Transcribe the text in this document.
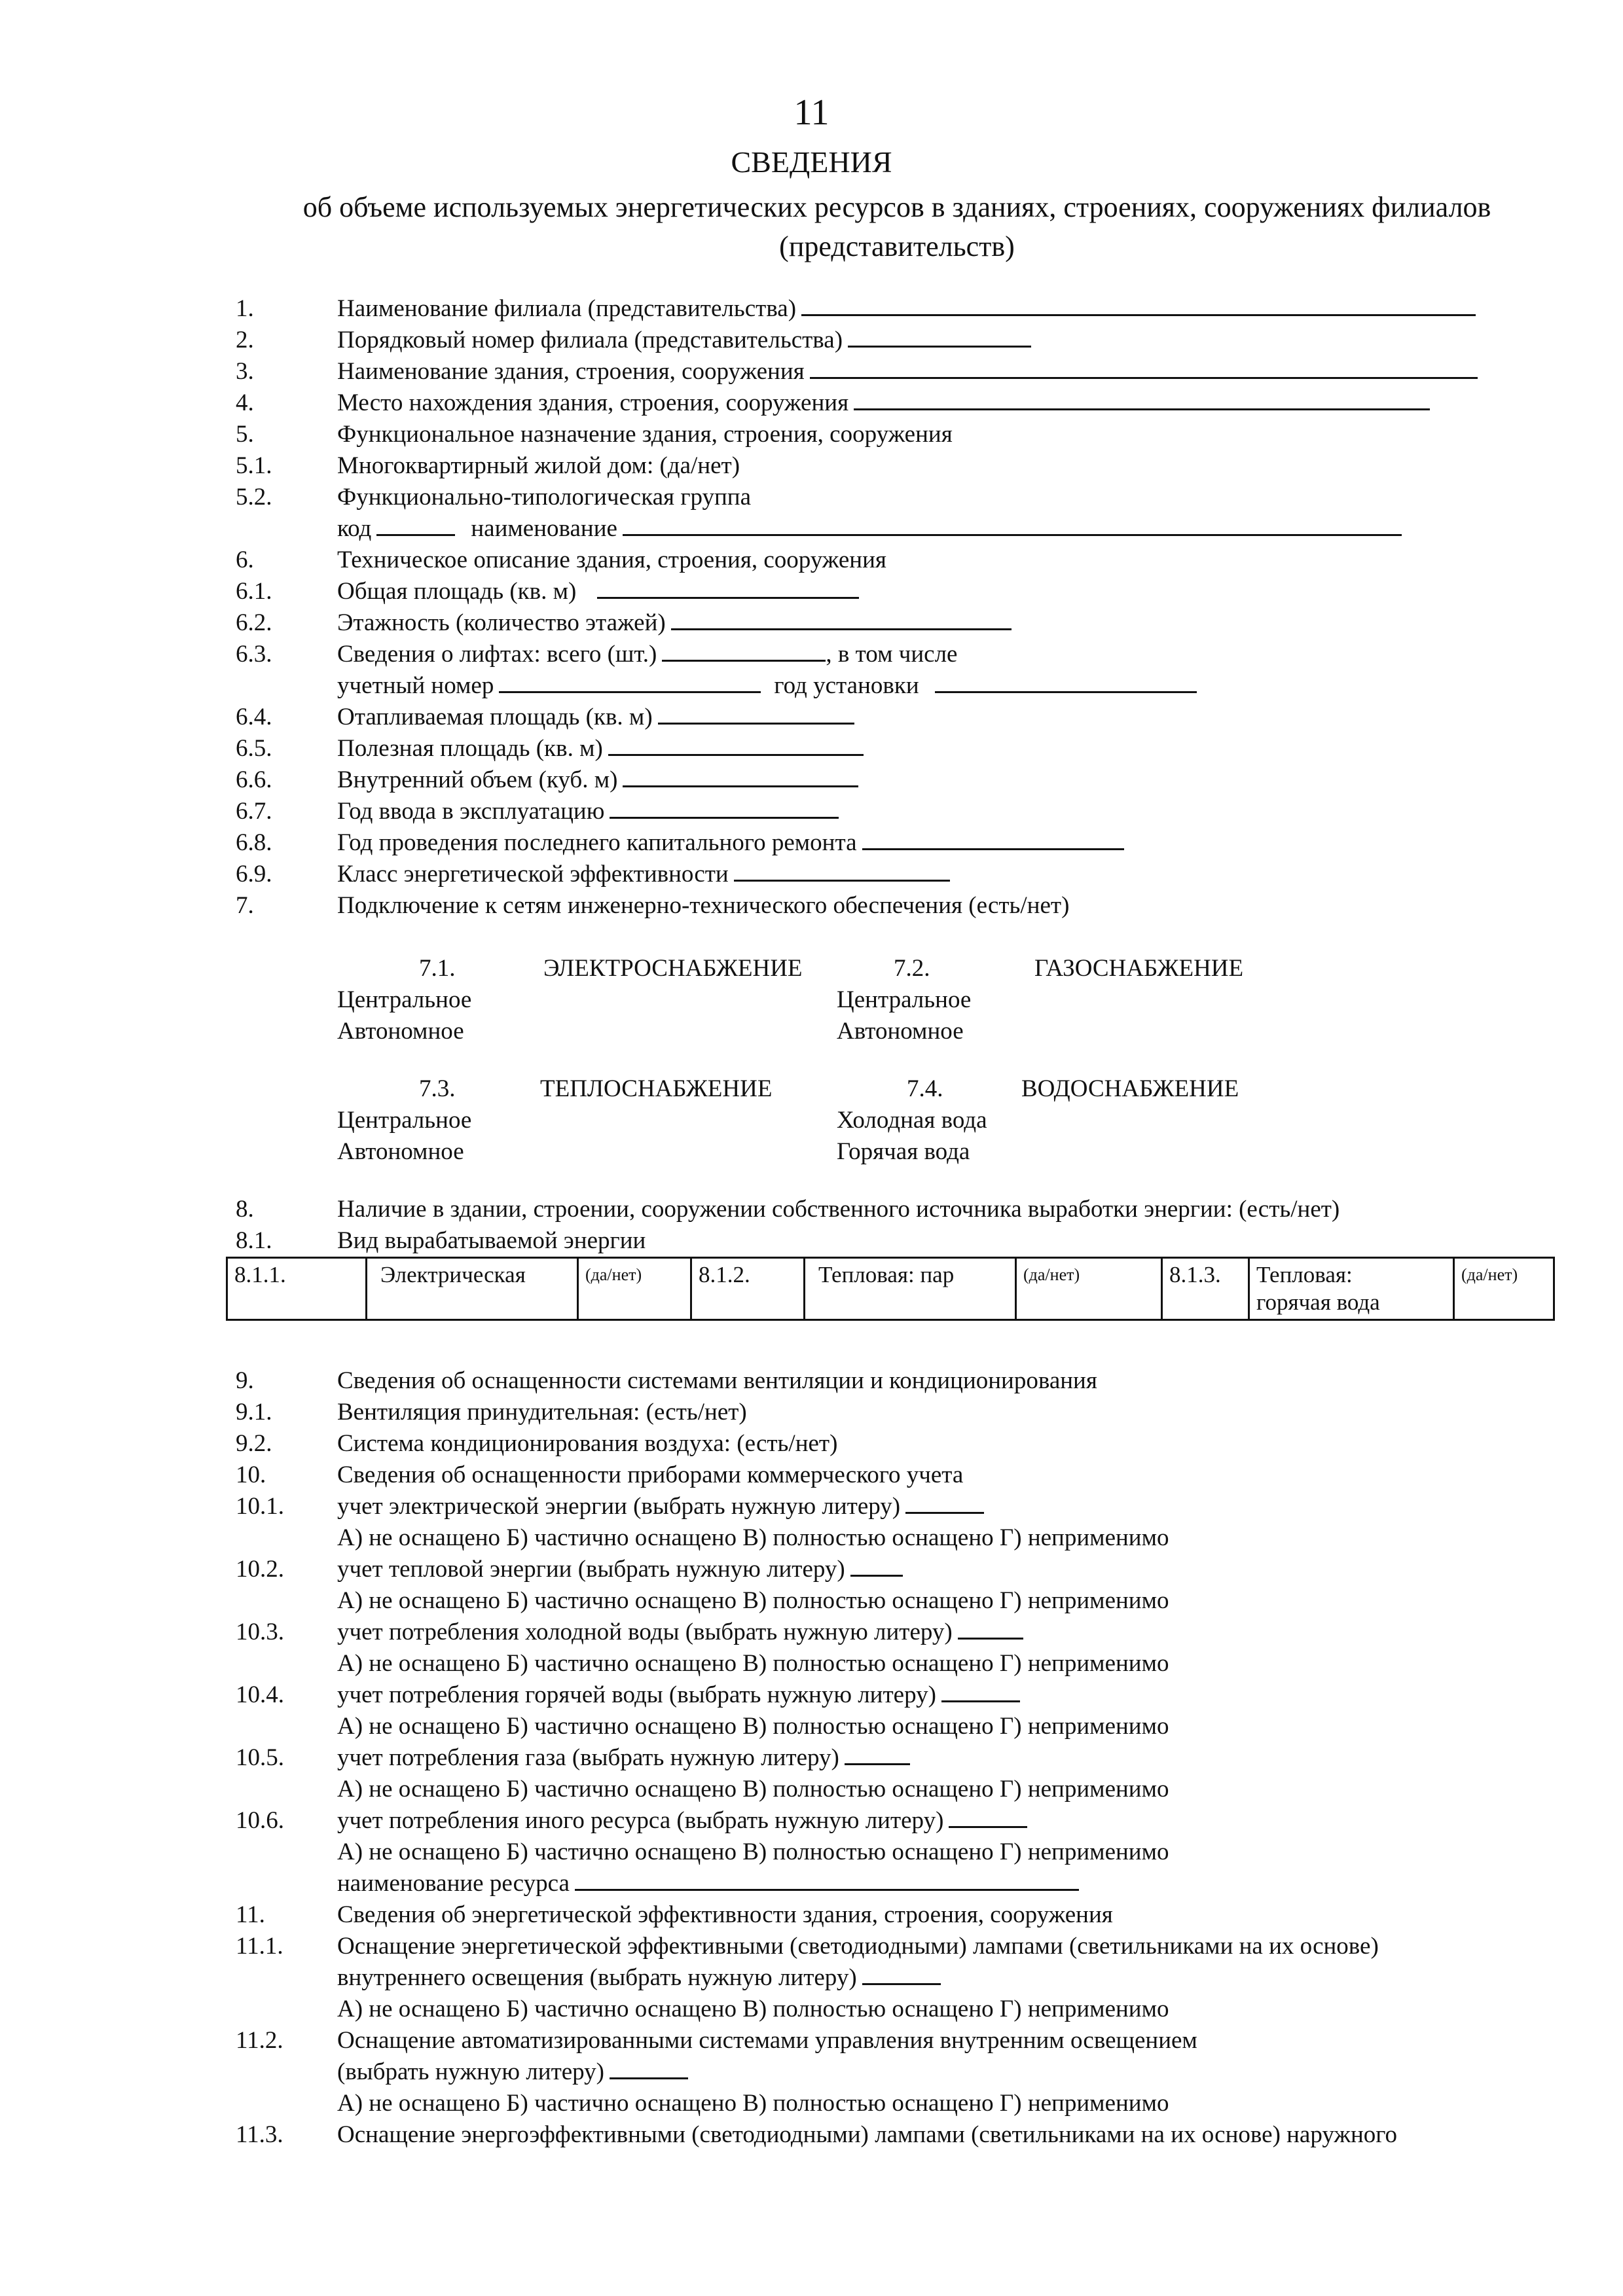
11
СВЕДЕНИЯ
об объеме используемых энергетических ресурсов в зданиях, строениях, сооружениях филиалов (представительств)
1.	Наименование филиала (представительства)
2.	Порядковый номер филиала (представительства)
3.	Наименование здания, строения, сооружения
4.	Место нахождения здания, строения, сооружения
5.	Функциональное назначение здания, строения, сооружения
5.1.	Многоквартирный жилой дом: (да/нет)
5.2.	Функционально-типологическая группа
код	наименование
6.	Техническое описание здания, строения, сооружения
6.1.	Общая площадь (кв. м)
6.2.	Этажность (количество этажей)
6.3.	Сведения о лифтах: всего (шт.)	, в том числе
учетный номер	год установки
6.4.	Отапливаемая площадь (кв. м)
6.5.	Полезная площадь (кв. м)
6.6.	Внутренний объем (куб. м)
6.7.	Год ввода в эксплуатацию
6.8.	Год проведения последнего капитального ремонта
6.9.	Класс энергетической эффективности
7.	Подключение к сетям инженерно-технического обеспечения (есть/нет)
7.1.	ЭЛЕКТРОСНАБЖЕНИЕ	7.2.	ГАЗОСНАБЖЕНИЕ
Центральное	Центральное
Автономное	Автономное
7.3.	ТЕПЛОСНАБЖЕНИЕ	7.4.	ВОДОСНАБЖЕНИЕ
Центральное	Холодная вода
Автономное	Горячая вода
8.	Наличие в здании, строении, сооружении собственного источника выработки энергии: (есть/нет)
8.1.	Вид вырабатываемой энергии
8.1.1.	Электрическая	(да/нет)	8.1.2.	Тепловая: пар	(да/нет)	8.1.3.	Тепловая:
горячая вода	(да/нет)
9.	Сведения об оснащенности системами вентиляции и кондиционирования
9.1.	Вентиляция принудительная: (есть/нет)
9.2.	Система кондиционирования воздуха: (есть/нет)
10.	Сведения об оснащенности приборами коммерческого учета
10.1. учет электрической энергии (выбрать нужную литеру)
А) не оснащено Б) частично оснащено В) полностью оснащено Г) неприменимо
10.2. учет тепловой энергии (выбрать нужную литеру)
А) не оснащено Б) частично оснащено В) полностью оснащено Г) неприменимо
10.3. учет потребления холодной воды (выбрать нужную литеру)
А) не оснащено Б) частично оснащено В) полностью оснащено Г) неприменимо
10.4. учет потребления горячей воды (выбрать нужную литеру)
А) не оснащено Б) частично оснащено В) полностью оснащено Г) неприменимо
10.5. учет потребления газа (выбрать нужную литеру)
А) не оснащено Б) частично оснащено В) полностью оснащено Г) неприменимо
10.6. учет потребления иного ресурса (выбрать нужную литеру)
А) не оснащено Б) частично оснащено В) полностью оснащено Г) неприменимо
наименование ресурса
11.	Сведения об энергетической эффективности здания, строения, сооружения
11.1. Оснащение энергетической эффективными (светодиодными) лампами (светильниками на их основе)
внутреннего освещения (выбрать нужную литеру)
А) не оснащено Б) частично оснащено В) полностью оснащено Г) неприменимо
11.2. Оснащение автоматизированными системами управления внутренним освещением
(выбрать нужную литеру)
А) не оснащено Б) частично оснащено В) полностью оснащено Г) неприменимо
11.3. Оснащение энергоэффективными (светодиодными) лампами (светильниками на их основе) наружного
